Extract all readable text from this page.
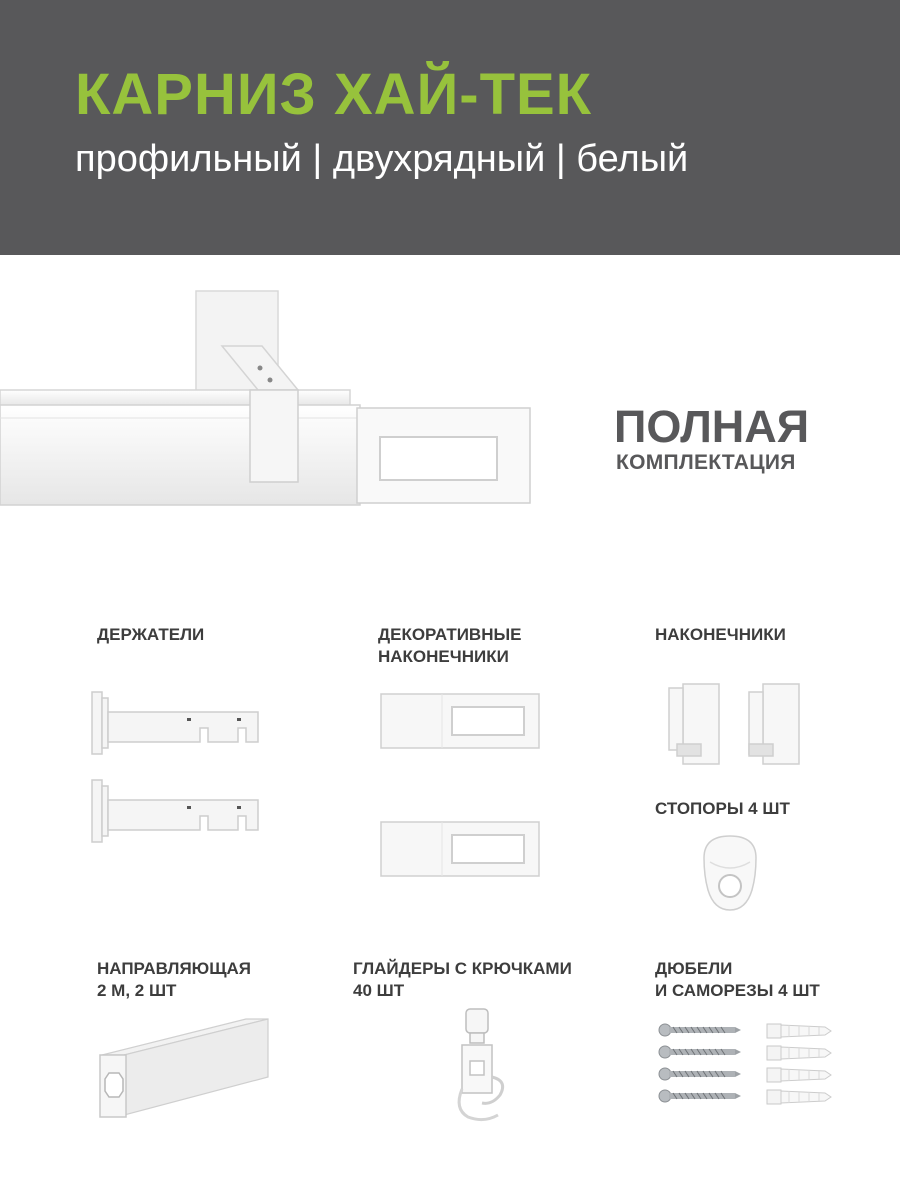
КАРНИЗ ХАЙ-ТЕК
профильный | двухрядный | белый
ПОЛНАЯ
КОМПЛЕКТАЦИЯ
ДЕРЖАТЕЛИ	ДЕКОРАТИВНЫЕ
НАКОНЕЧНИКИ
НАКОНЕЧНИКИ
СТОПОРЫ 4 ШТ
НАПРАВЛЯЮЩАЯ
2 М, 2 ШТ
ГЛАЙДЕРЫ С КРЮЧКАМИ
40 ШТ
ДЮБЕЛИ
И САМОРЕЗЫ 4 ШТ
